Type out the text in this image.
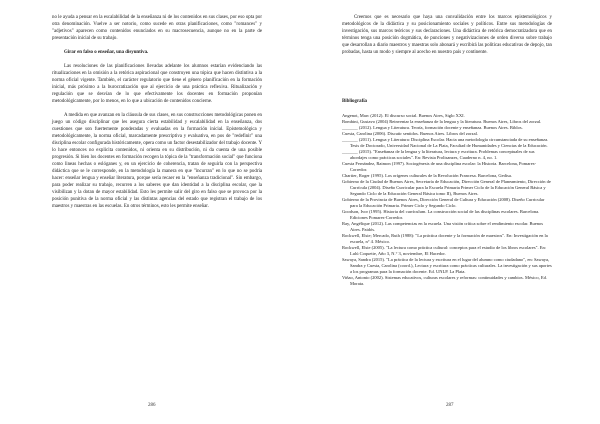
no le ayuda a pensar en la escalabilidad de la enseñanza ni de los contenidos en sus clases, por eso opta por otra denominación. Vuelve a ser notorio, como sucede en otras planificaciones, como "romances" y "adjetivos" aparecen como contenidos enunciados en su macrosecuencia, aunque no en la parte de presentación inicial de su trabajo.

Girar en falso o enseñar, una disyuntiva.

Las resoluciones de las planificaciones llevadas adelante los alumnos estarían evidenciando las ritualizaciones en la omisión a la retórica aspiracional que construyen una tópica que hacen distintiva a la norma oficial vigente. También, el carácter regulatorio que tiene el género planificación en la formación inicial, más próximo a la burocratización que al ejercicio de una práctica reflexiva. Ritualización y regulación que se desvían de lo que efectivamente los docentes en formación proponían metodológicamente, por lo menos, en lo que a ubicación de contenidos concierne.

A medida en que avanzan en la cláusula de sus clases, en sus construcciones metodológicas ponen en juego un código disciplinar que les asegura cierta estabilidad y escalabilidad en la enseñanza, dos cuestiones que son fuertemente ponderadas y evaluadas en la formación inicial. Epistemológica y metodológicamente, la norma oficial, marcadamente prescriptiva y evaluativa, en pos de "redefinir" una disciplina escolar configurada históricamente, opera como un factor desestabilizador del trabajo docente. Y lo hace entonces no explicita contenidos, ni orienta en su distribución, ni da cuenta de una posible progresión. Si bien los docentes en formación recogen la tópica de la "transformación social" que funciona como lineas hechas o eslóganes y, en un ejercicio de coherencia, tratan de seguirla con la perspectiva didáctica que se le corresponde, en la metodología la manera en que "incurran" en lo que no se podría hacer: enseñar lengua y enseñar literatura, porque sería recaer en la "enseñanza tradicional". Sin embargo, para poder realizar su trabajo, recurren a los saberes que dan identidad a la disciplina escolar, que la visibilizan y la dotan de mayor estabilidad. Esto les permite salir del giro en falso que se provoca por la posición punitiva de la norma oficial y las distintas agencias del estado que registran el trabajo de los maestros y maestras en las escuelas. En otros términos, esto les permite enseñar.

286

Creemos que es necesario que haya una convalidación entre los marcos epistemológicos y metodológicos de la didáctica y su posicionamiento sociales y políticos. Entre sus metodologías de investigación, sus marcos teóricos y sus declaraciones. Una didáctica de retórica democratizadora que en términos tenga una posición dogmática, de punciones y negativizaciones de orden diverso sobre trabajo que desarrollan a diario maestros y maestras solo abonará y escribirá las políticas educativas de depojo, tan probadas, hasta un modo y siempre al acecho en nuestro país y continente.

Bibliografía

Angenot, Marc (2012). El discurso social. Buenos Aires, Siglo XXI.

Bombini, Gustavo (2004) Reinventar la enseñanza de la lengua y la literatura. Buenos Aires, Libros del zorzal.

_______ (2012). Lengua y Literatura. Teoría, formación docente y enseñanza. Buenos Aires. Biblos.

Cuesta, Carolina (2006). Discutir sentidos. Buenos Aires. Libros del zorzal.

_______ (2011). Lengua y Literatura: Disciplina Escolar. Hacia una metodología circunstanciada de su enseñanza. Tesis de Doctorado, Universidad Nacional de La Plata, Facultad de Humanidades y Ciencias de la Educación.

_______ (2015). "Enseñanza de la lengua y la literatura, lectura y escritura. Problemas conceptuales de sus abordajes como prácticas sociales". En: Revista Prolisanzes, Cuaderno n. 4, no. 1.

Cuesta Fernández, Raimon (1997). Sociogénesis de una disciplina escolar: la Historia. Barcelona, Pomares-Corredor.

Chartier, Roger (1995). Los orígenes culturales de la Revolución Francesa. Barcelona, Gedisa.

Gobierno de la Ciudad de Buenos Aires, Secretaría de Educación, Dirección General de Planeamiento, Dirección de Currícula (2004). Diseño Curricular para la Escuela Primaria Primer Ciclo de la Educación General Básica y Segundo Ciclo de la Educación General Básica tomo II), Buenos Aires.

Gobierno de la Provincia de Buenos Aires, Dirección General de Cultura y Educación (2008). Diseño Curricular para la Educación Primaria. Primer Ciclo y Segundo Ciclo.

Goodson, Ivor (1995). Historia del currículum. La construcción social de las disciplinas escolares. Barcelona. Ediciones Pomares-Corredor.

Ray, Angélique (2012). Las competencias en la escuela. Una visión crítica sobre el rendimiento escolar. Buenos Aires. Paidós.

Rockwell, Elsie; Mercado, Ruth (1988): "La práctica docente y la formación de maestros". En: Investigación en la escuela, n° 4. México.

Rockwell, Elsie (2005). "La lectura como práctica cultural: conceptos para el estudio de los libros escolares". En: Lulú Coquette, Año 3, N.° 3, noviembre, El Hacedor.

Sawaya, Sandra (2015). "La práctica de la lectura y escritura en el lugar del alumno como ciudadano", en: Sawaya, Sandra y Cuesta, Carolina (coord.), Lectura y escritura como prácticas culturales. La investigación y sus aportes a los programas para la formación docente. Ed. UNLP. La Plata.

Viñao, Antonio (2002). Sistemas educativos, culturas escolares y reformas: continuidades y cambios. México, Ed. Morata.

287
